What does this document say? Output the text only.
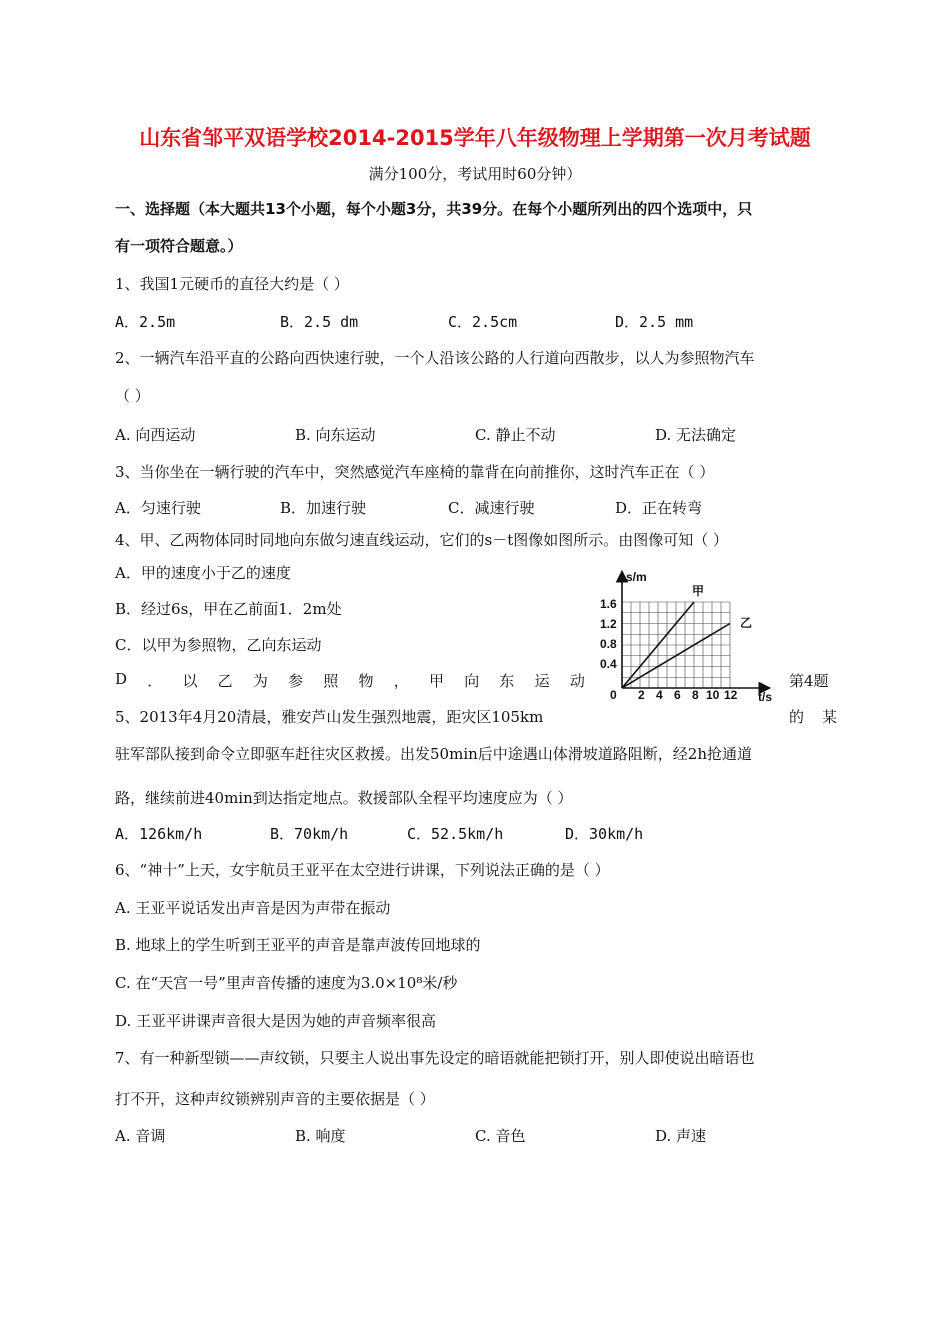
山东省邹平双语学校2014-2015学年八年级物理上学期第一次月考试题
满分100分，考试用时60分钟）
一、选择题（本大题共13个小题，每个小题3分，共39分。在每个小题所列出的四个选项中，只
有一项符合题意。）
1、我国1元硬币的直径大约是（ ）
A．2.5m	B．2.5 dm	C．2.5cm	D．2.5 mm
2、一辆汽车沿平直的公路向西快速行驶，一个人沿该公路的人行道向西散步，以人为参照物汽车
（ ）
A. 向西运动	B. 向东运动	C. 静止不动	D. 无法确定
3、当你坐在一辆行驶的汽车中，突然感觉汽车座椅的靠背在向前推你，这时汽车正在（ ）
A．匀速行驶	B．加速行驶	C．减速行驶	D．正在转弯
4、甲、乙两物体同时同地向东做匀速直线运动，它们的s－t图像如图所示。由图像可知（ ）
A．甲的速度小于乙的速度
B．经过6s，甲在乙前面1．2m处
C．以甲为参照物，乙向东运动
D ． 以 乙 为 参 照 物 ， 甲 向 东 运 动	第4题
s/m
t/s
1.6
1.2
0.8
0.4
0 2 4 6 8 10 12
甲
乙
5、2013年4月20清晨，雅安芦山发生强烈地震，距灾区105km	的 某
驻军部队接到命令立即驱车赶往灾区救援。出发50min后中途遇山体滑坡道路阻断，经2h抢通道
路，继续前进40min到达指定地点。救援部队全程平均速度应为（ ）
A．126km/h	B．70km/h	C．52.5km/h	D．30km/h
6、“神十”上天，女宇航员王亚平在太空进行讲课，下列说法正确的是（ ）
A. 王亚平说话发出声音是因为声带在振动
B. 地球上的学生听到王亚平的声音是靠声波传回地球的
C. 在“天宫一号”里声音传播的速度为3.0×10⁸米/秒
D. 王亚平讲课声音很大是因为她的声音频率很高
7、有一种新型锁——声纹锁，只要主人说出事先设定的暗语就能把锁打开，别人即使说出暗语也
打不开，这种声纹锁辨别声音的主要依据是（ ）
A. 音调	B. 响度	C. 音色	D. 声速
